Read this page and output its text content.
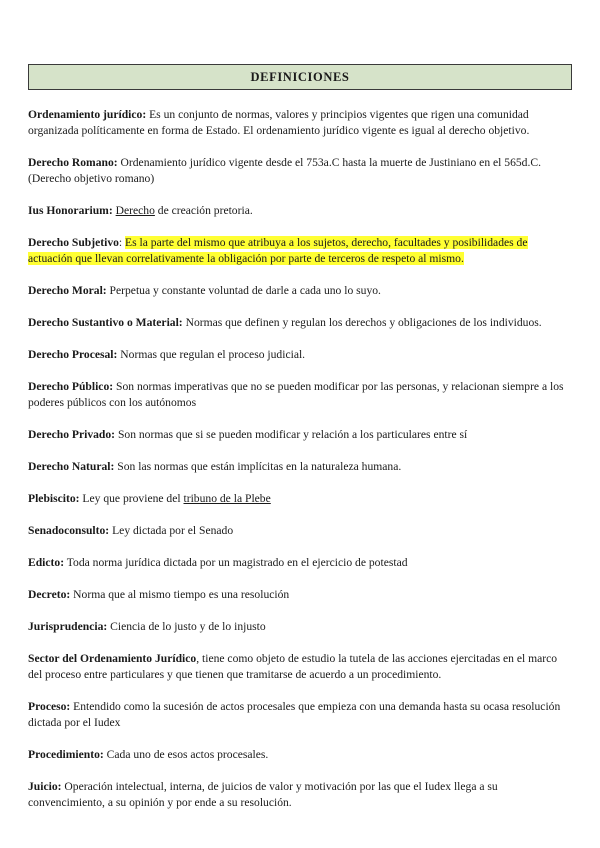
DEFINICIONES

Ordenamiento jurídico: Es un conjunto de normas, valores y principios vigentes que rigen una comunidad organizada políticamente en forma de Estado. El ordenamiento jurídico vigente es igual al derecho objetivo.

Derecho Romano: Ordenamiento jurídico vigente desde el 753a.C hasta la muerte de Justiniano en el 565d.C. (Derecho objetivo romano)

Ius Honorarium: Derecho de creación pretoria.

Derecho Subjetivo: Es la parte del mismo que atribuya a los sujetos, derecho, facultades y posibilidades de actuación que llevan correlativamente la obligación por parte de terceros de respeto al mismo.

Derecho Moral: Perpetua y constante voluntad de darle a cada uno lo suyo.

Derecho Sustantivo o Material: Normas que definen y regulan los derechos y obligaciones de los individuos.

Derecho Procesal: Normas que regulan el proceso judicial.

Derecho Público: Son normas imperativas que no se pueden modificar por las personas, y relacionan siempre a los poderes públicos con los autónomos

Derecho Privado: Son normas que si se pueden modificar y relación a los particulares entre sí

Derecho Natural: Son las normas que están implícitas en la naturaleza humana.

Plebiscito: Ley que proviene del tribuno de la Plebe

Senadoconsulto: Ley dictada por el Senado

Edicto: Toda norma jurídica dictada por un magistrado en el ejercicio de potestad

Decreto: Norma que al mismo tiempo es una resolución

Jurisprudencia: Ciencia de lo justo y de lo injusto

Sector del Ordenamiento Jurídico, tiene como objeto de estudio la tutela de las acciones ejercitadas en el marco del proceso entre particulares y que tienen que tramitarse de acuerdo a un procedimiento.

Proceso: Entendido como la sucesión de actos procesales que empieza con una demanda hasta su ocasa resolución dictada por el Iudex

Procedimiento: Cada uno de esos actos procesales.

Juicio: Operación intelectual, interna, de juicios de valor y motivación por las que el Iudex llega a su convencimiento, a su opinión y por ende a su resolución.
